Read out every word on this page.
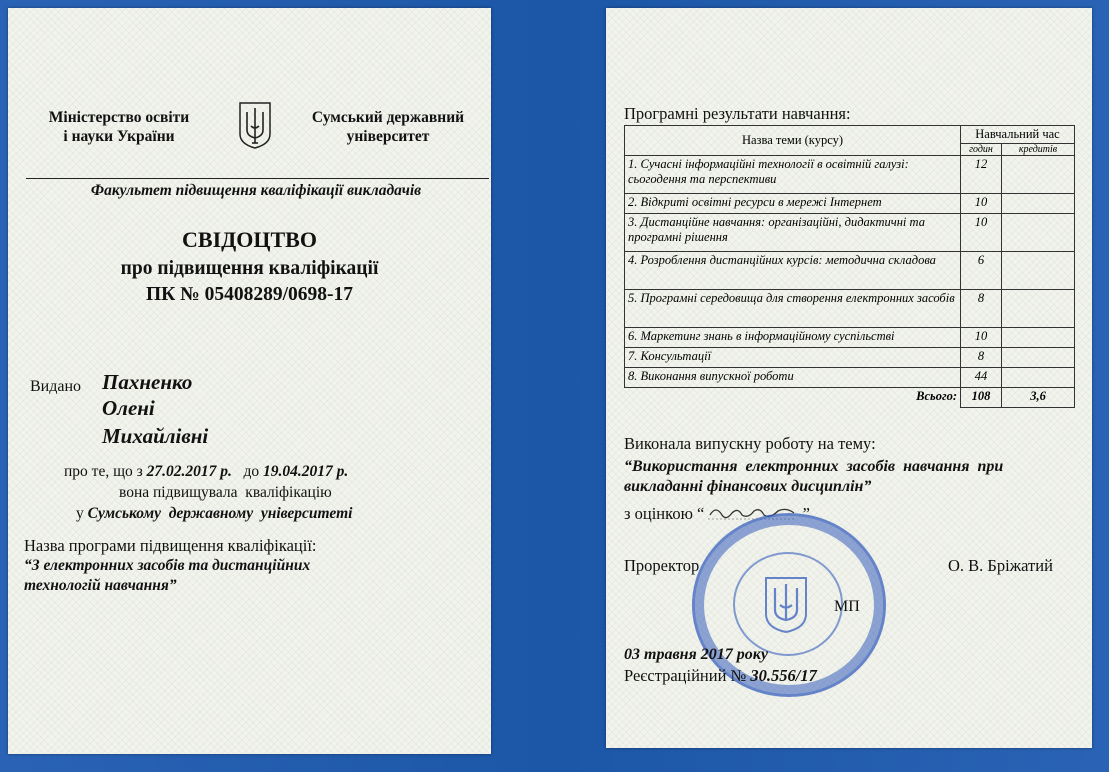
Міністерство освіти
і науки України
Сумський державний
університет
Факультет підвищення кваліфікації викладачів
СВІДОЦТВО
про підвищення кваліфікації
ПК № 05408289/0698-17
Видано Пахненко
Олені
Михайлівні
про те, що з 27.02.2017 р. до 19.04.2017 р.
вона підвищувала  кваліфікацію
у Сумському  державному  університеті
Назва програми підвищення кваліфікації:
“З електронних засобів та дистанційних
технологій навчання”
Програмні результати навчання:
Назва теми (курсу)	Навчальний час	
	годин	кредитів
1. Сучасні інформаційні технології в освітній галузі: сьогодення та перспективи	12	
2. Відкриті освітні ресурси в мережі Інтернет	10	
3. Дистанційне навчання: організаційні, дидактичні та програмні рішення	10	
4. Розроблення дистанційних курсів: методична складова	6	
5. Програмні середовища для створення електронних засобів	8	
6. Маркетинг знань в інформаційному суспільстві	10	
7. Консультації	8	
8. Виконання випускної роботи	44	
Всього:	108	3,6
Виконала випускну роботу на тему:
“Використання  електронних  засобів  навчання  при
викладанні фінансових дисциплін”
з оцінкою “	”
Проректор	О. В. Бріжатий
МП
03 травня 2017 року
Реєстраційний № 30.556/17
